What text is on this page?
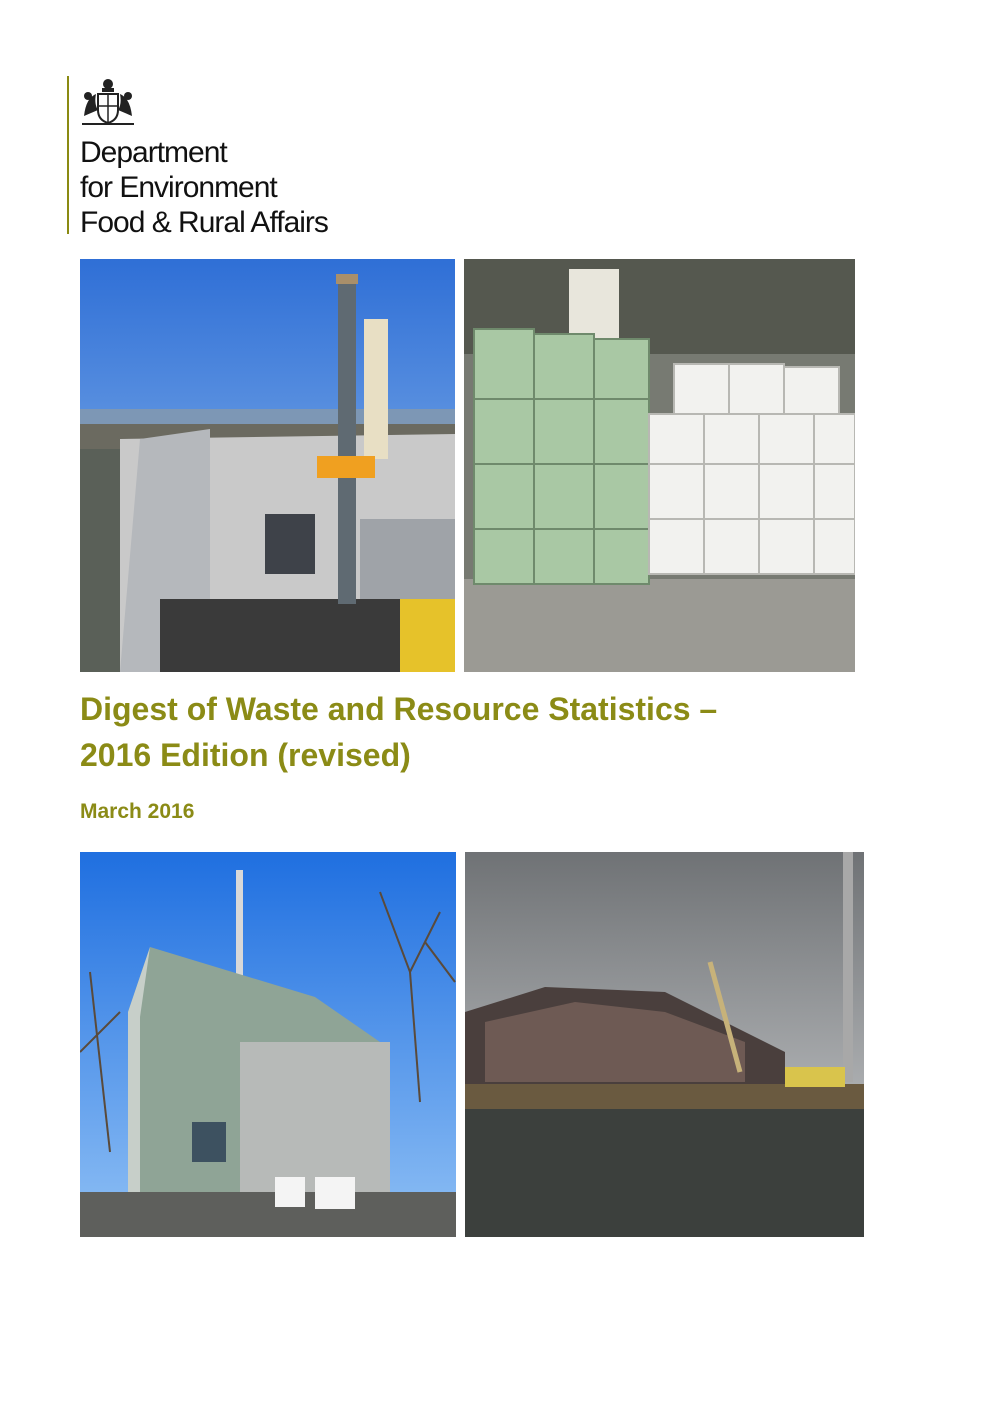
Department
for Environment
Food & Rural Affairs
Digest of Waste and Resource Statistics –
2016 Edition (revised)
March 2016
